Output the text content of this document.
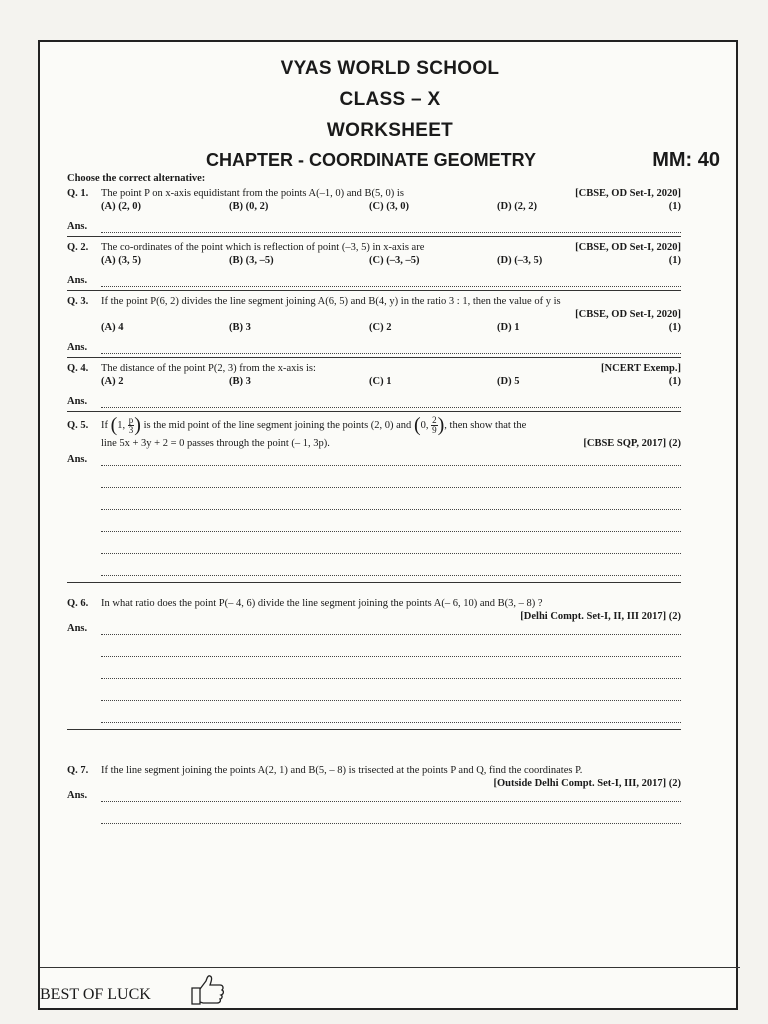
VYAS WORLD SCHOOL
CLASS – X
WORKSHEET
CHAPTER - COORDINATE GEOMETRY	MM: 40
BEST OF LUCK
Choose the correct alternative:
Q. 1.	The point P on x-axis equidistant from the points A(–1, 0) and B(5, 0) is	[CBSE, OD Set-I, 2020]
(A) (2, 0)	(B) (0, 2)	(C) (3, 0)	(D) (2, 2)	(1)
Ans.
Q. 2.	The co-ordinates of the point which is reflection of point (–3, 5) in x-axis are	[CBSE, OD Set-I, 2020]
(A) (3, 5)	(B) (3, –5)	(C) (–3, –5)	(D) (–3, 5)	(1)
Ans.
Q. 3.	If the point P(6, 2) divides the line segment joining A(6, 5) and B(4, y) in the ratio 3 : 1, then the value of y is
[CBSE, OD Set-I, 2020]
(A) 4	(B) 3	(C) 2	(D) 1	(1)
Ans.
Q. 4.	The distance of the point P(2, 3) from the x-axis is:	[NCERT Exemp.]
(A) 2	(B) 3	(C) 1	(D) 5	(1)
Ans.
Q. 5.	If (1, $\frac{p}{3}$ ) is the mid point of the line segment joining the points (2, 0) and (0, $\frac{2}{9}$ ), then show that the
line 5x + 3y + 2 = 0 passes through the point (– 1, 3p).	[CBSE SQP, 2017] (2)
Ans.
Q. 6.	In what ratio does the point P(– 4, 6) divide the line segment joining the points A(– 6, 10) and B(3, – 8) ?
[Delhi Compt. Set-I, II, III 2017] (2)
Ans.
Q. 7.	If the line segment joining the points A(2, 1) and B(5, – 8) is trisected at the points P and Q, find the coordinates P.
[Outside Delhi Compt. Set-I, III, 2017] (2)
Ans.
